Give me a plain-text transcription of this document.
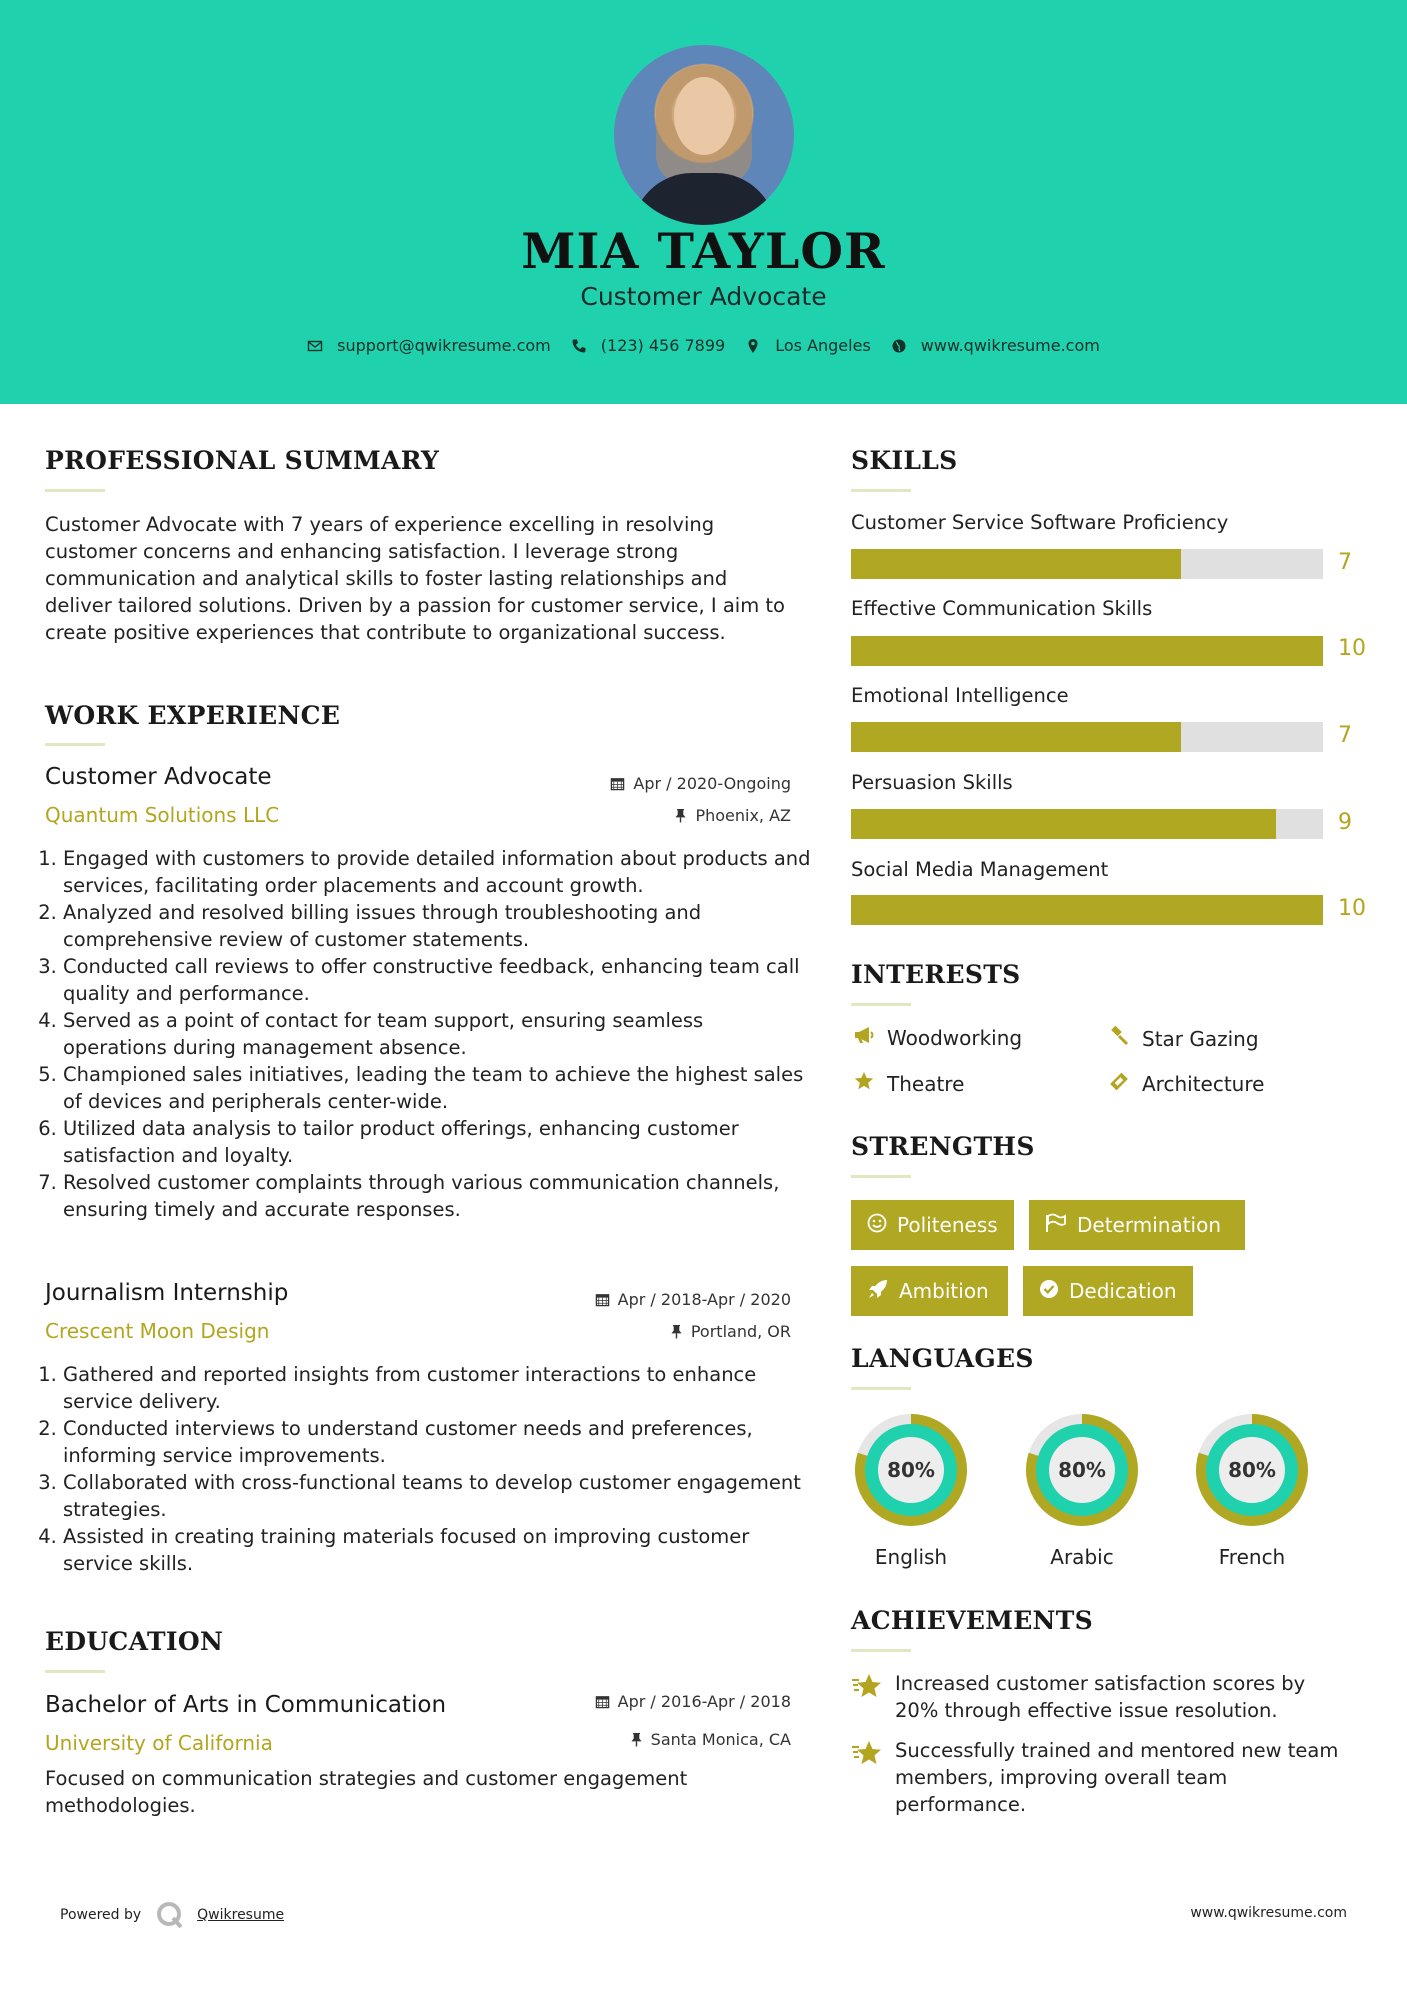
MIA TAYLOR
Customer Advocate
support@qwikresume.com	(123) 456 7899	Los Angeles	www.qwikresume.com
PROFESSIONAL SUMMARY
Customer Advocate with 7 years of experience excelling in resolving customer concerns and enhancing satisfaction. I leverage strong communication and analytical skills to foster lasting relationships and deliver tailored solutions. Driven by a passion for customer service, I aim to create positive experiences that contribute to organizational success.
WORK EXPERIENCE
Customer Advocate
Quantum Solutions LLC
Apr / 2020-Ongoing
Phoenix, AZ
1. Engaged with customers to provide detailed information about products and services, facilitating order placements and account growth.
2. Analyzed and resolved billing issues through troubleshooting and comprehensive review of customer statements.
3. Conducted call reviews to offer constructive feedback, enhancing team call quality and performance.
4. Served as a point of contact for team support, ensuring seamless operations during management absence.
5. Championed sales initiatives, leading the team to achieve the highest sales of devices and peripherals center-wide.
6. Utilized data analysis to tailor product offerings, enhancing customer satisfaction and loyalty.
7. Resolved customer complaints through various communication channels, ensuring timely and accurate responses.
Journalism Internship
Crescent Moon Design
Apr / 2018-Apr / 2020
Portland, OR
1. Gathered and reported insights from customer interactions to enhance service delivery.
2. Conducted interviews to understand customer needs and preferences, informing service improvements.
3. Collaborated with cross-functional teams to develop customer engagement strategies.
4. Assisted in creating training materials focused on improving customer service skills.
EDUCATION
Bachelor of Arts in Communication
University of California
Apr / 2016-Apr / 2018
Santa Monica, CA
Focused on communication strategies and customer engagement methodologies.
SKILLS
Customer Service Software Proficiency
7
Effective Communication Skills
10
Emotional Intelligence
7
Persuasion Skills
9
Social Media Management
10
INTERESTS
Woodworking	Star Gazing
Theatre	Architecture
STRENGTHS
Politeness	Determination
Ambition	Dedication
LANGUAGES
80%
English
80%
Arabic
80%
French
ACHIEVEMENTS
Increased customer satisfaction scores by 20% through effective issue resolution.
Successfully trained and mentored new team members, improving overall team performance.
Powered by	Qwikresume	www.qwikresume.com
